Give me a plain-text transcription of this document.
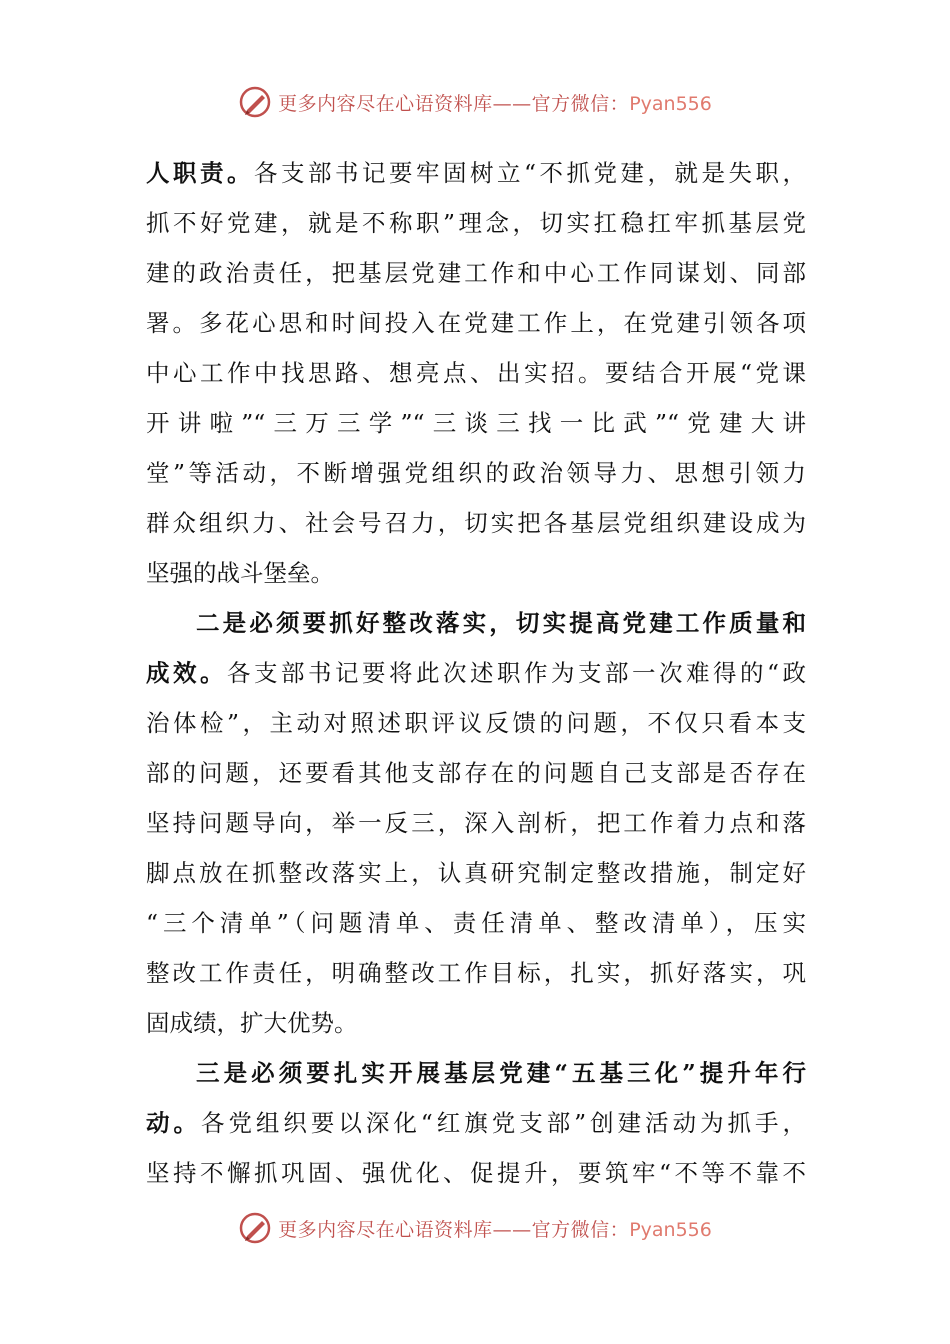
更多内容尽在心语资料库——官方微信：Pyan556
人职责。各支部书记要牢固树立“不抓党建，就是失职，
抓不好党建，就是不称职”理念，切实扛稳扛牢抓基层党
建的政治责任，把基层党建工作和中心工作同谋划、同部
署。多花心思和时间投入在党建工作上，在党建引领各项
中心工作中找思路、想亮点、出实招。要结合开展“党课
开讲啦”“三万三学”“三谈三找一比武”“党建大讲
堂”等活动，不断增强党组织的政治领导力、思想引领力
群众组织力、社会号召力，切实把各基层党组织建设成为
坚强的战斗堡垒。
二是必须要抓好整改落实，切实提高党建工作质量和
成效。各支部书记要将此次述职作为支部一次难得的“政
治体检”，主动对照述职评议反馈的问题，不仅只看本支
部的问题，还要看其他支部存在的问题自己支部是否存在
坚持问题导向，举一反三，深入剖析，把工作着力点和落
脚点放在抓整改落实上，认真研究制定整改措施，制定好
“三个清单”（问题清单、责任清单、整改清单），压实
整改工作责任，明确整改工作目标，扎实，抓好落实，巩
固成绩，扩大优势。
三是必须要扎实开展基层党建“五基三化”提升年行
动。各党组织要以深化“红旗党支部”创建活动为抓手，
坚持不懈抓巩固、强优化、促提升，要筑牢“不等不靠不
更多内容尽在心语资料库——官方微信：Pyan556
